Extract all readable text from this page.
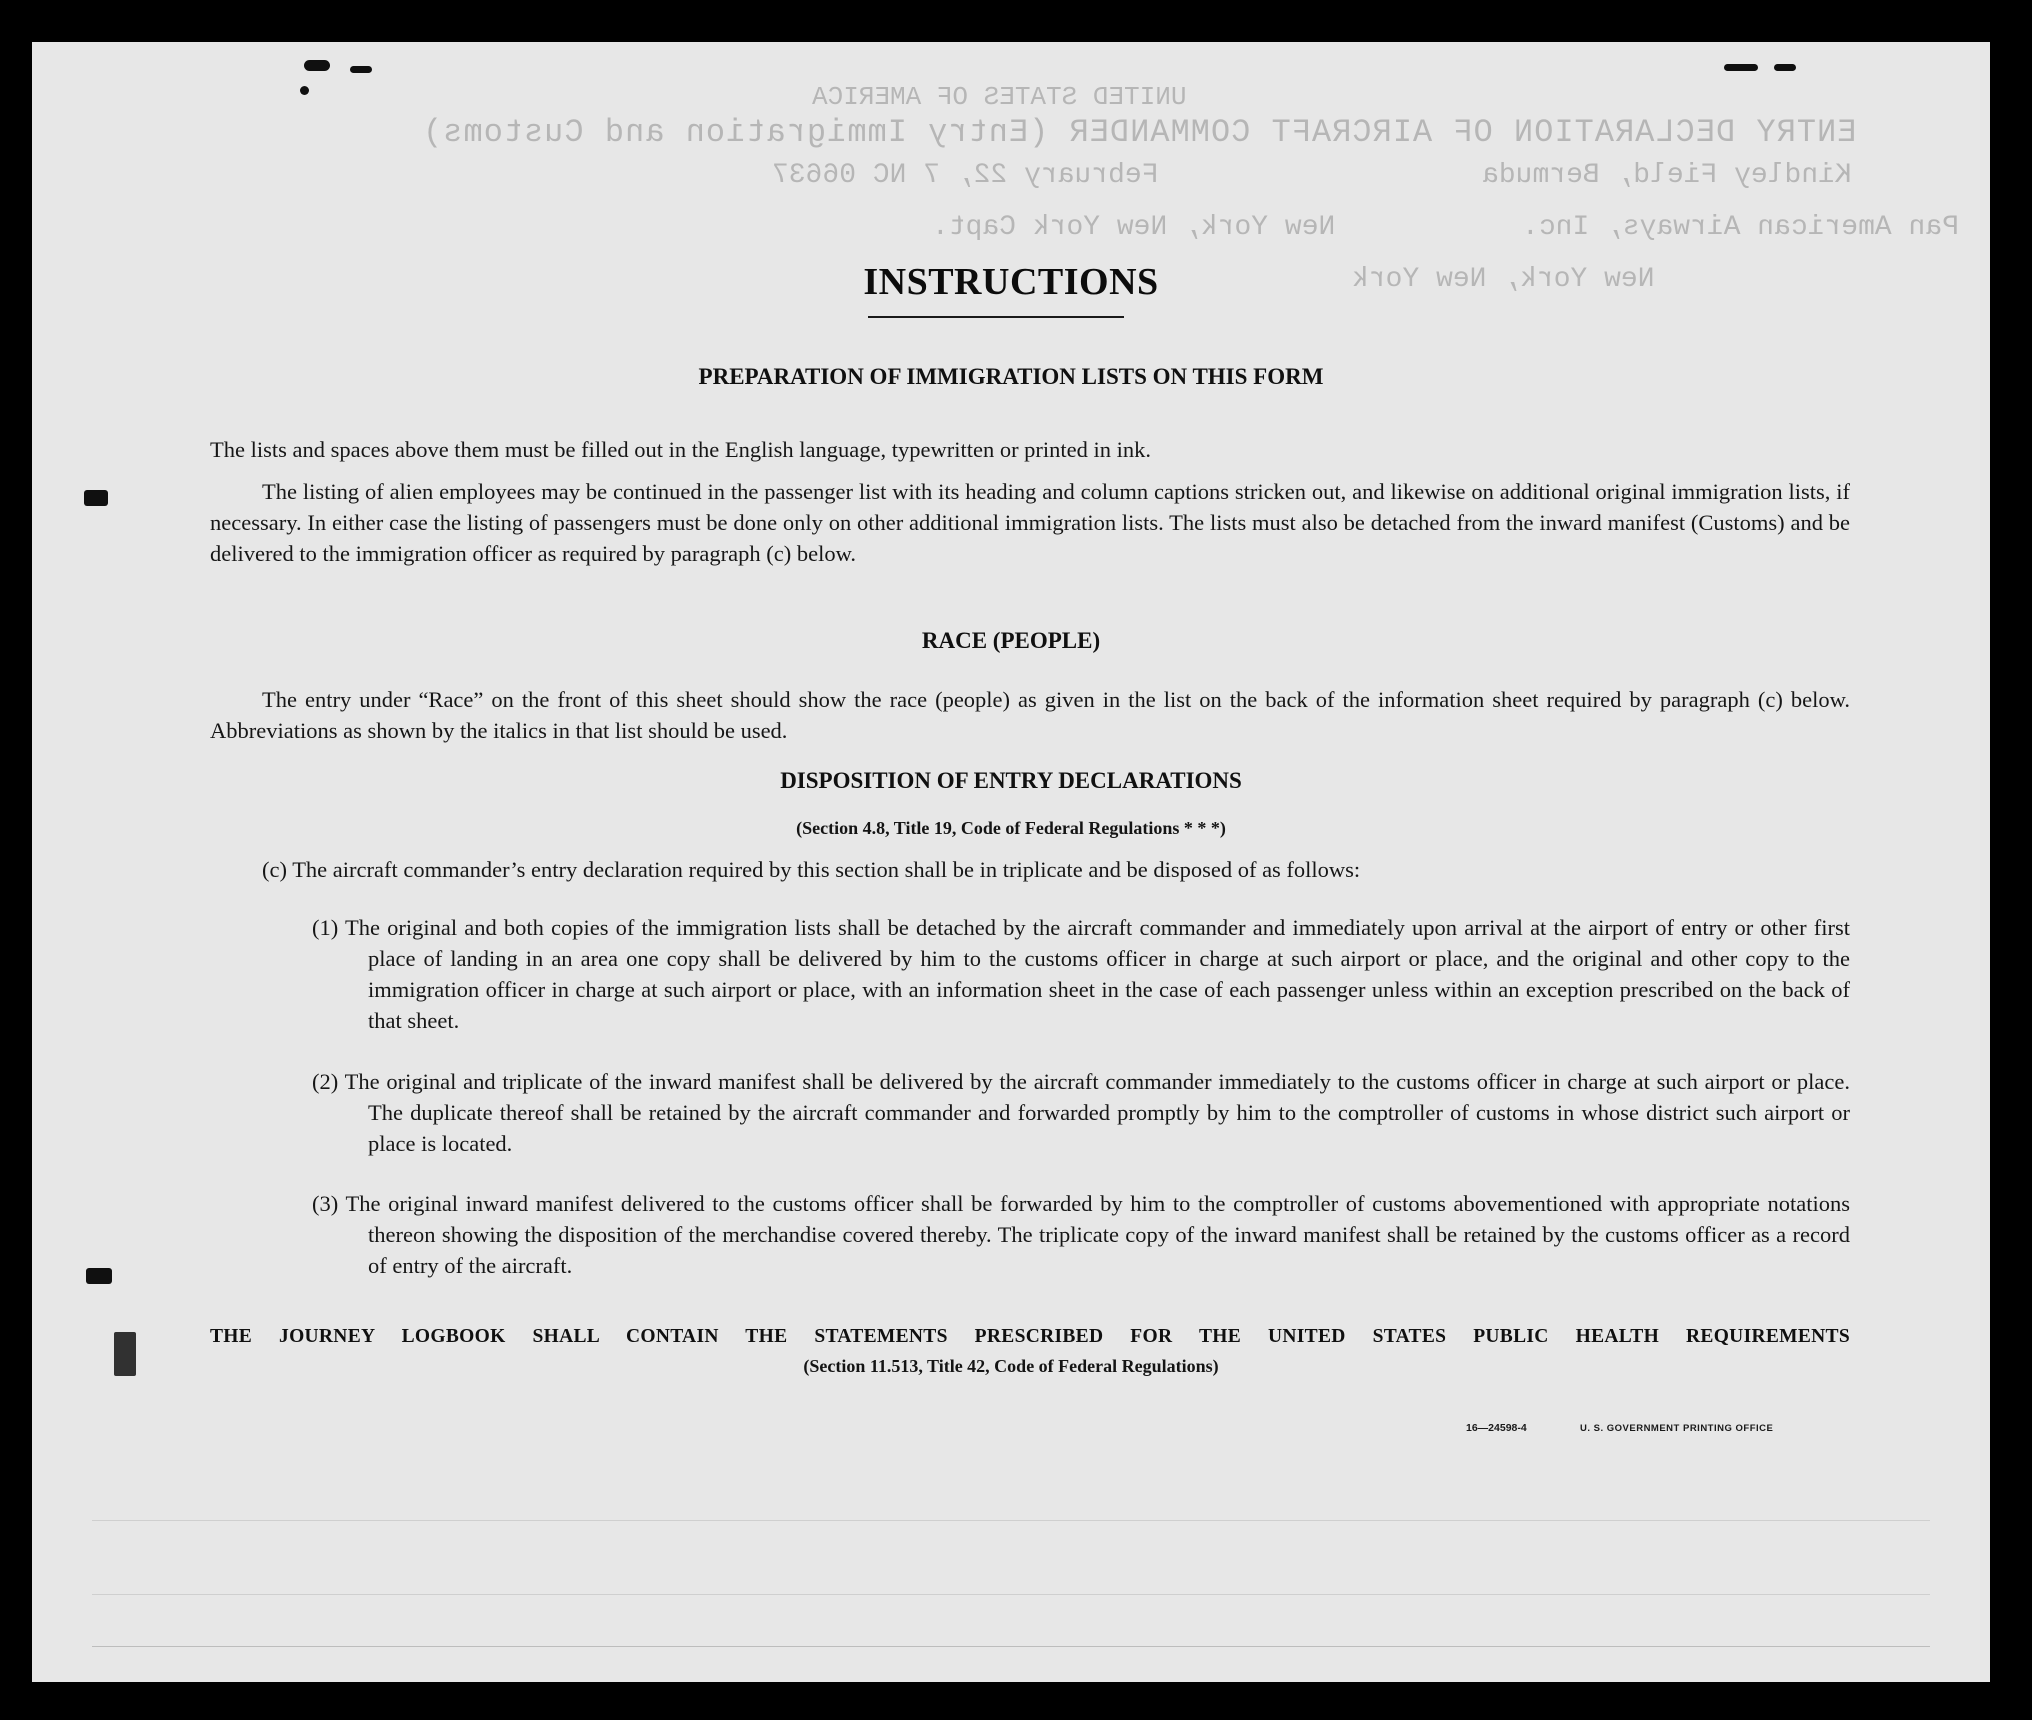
UNITED STATES OF AMERICA
ENTRY DECLARATION OF AIRCRAFT COMMANDER (Entry Immigration and Customs)
February 22, 7 NC 06637	Kindley Field, Bermuda
New York, New York Capt.	Pan American Airways, Inc.
New York, New York
INSTRUCTIONS
PREPARATION OF IMMIGRATION LISTS ON THIS FORM
The lists and spaces above them must be filled out in the English language, typewritten or printed in ink.
The listing of alien employees may be continued in the passenger list with its heading and column captions stricken out, and likewise on additional original immigration lists, if necessary. In either case the listing of passengers must be done only on other additional immigration lists. The lists must also be detached from the inward manifest (Customs) and be delivered to the immigration officer as required by paragraph (c) below.
RACE (PEOPLE)
The entry under “Race” on the front of this sheet should show the race (people) as given in the list on the back of the information sheet required by paragraph (c) below. Abbreviations as shown by the italics in that list should be used.
DISPOSITION OF ENTRY DECLARATIONS
(Section 4.8, Title 19, Code of Federal Regulations * * *)
(c) The aircraft commander’s entry declaration required by this section shall be in triplicate and be disposed of as follows:
(1) The original and both copies of the immigration lists shall be detached by the aircraft commander and immediately upon arrival at the airport of entry or other first place of landing in an area one copy shall be delivered by him to the customs officer in charge at such airport or place, and the original and other copy to the immigration officer in charge at such airport or place, with an information sheet in the case of each passenger unless within an exception prescribed on the back of that sheet.
(2) The original and triplicate of the inward manifest shall be delivered by the aircraft commander immediately to the customs officer in charge at such airport or place. The duplicate thereof shall be retained by the aircraft commander and forwarded promptly by him to the comptroller of customs in whose district such airport or place is located.
(3) The original inward manifest delivered to the customs officer shall be forwarded by him to the comptroller of customs abovementioned with appropriate notations thereon showing the disposition of the merchandise covered thereby. The triplicate copy of the inward manifest shall be retained by the customs officer as a record of entry of the aircraft.
THE JOURNEY LOGBOOK SHALL CONTAIN THE STATEMENTS PRESCRIBED FOR THE UNITED STATES PUBLIC HEALTH REQUIREMENTS
(Section 11.513, Title 42, Code of Federal Regulations)
16—24598-4	U. S. GOVERNMENT PRINTING OFFICE
